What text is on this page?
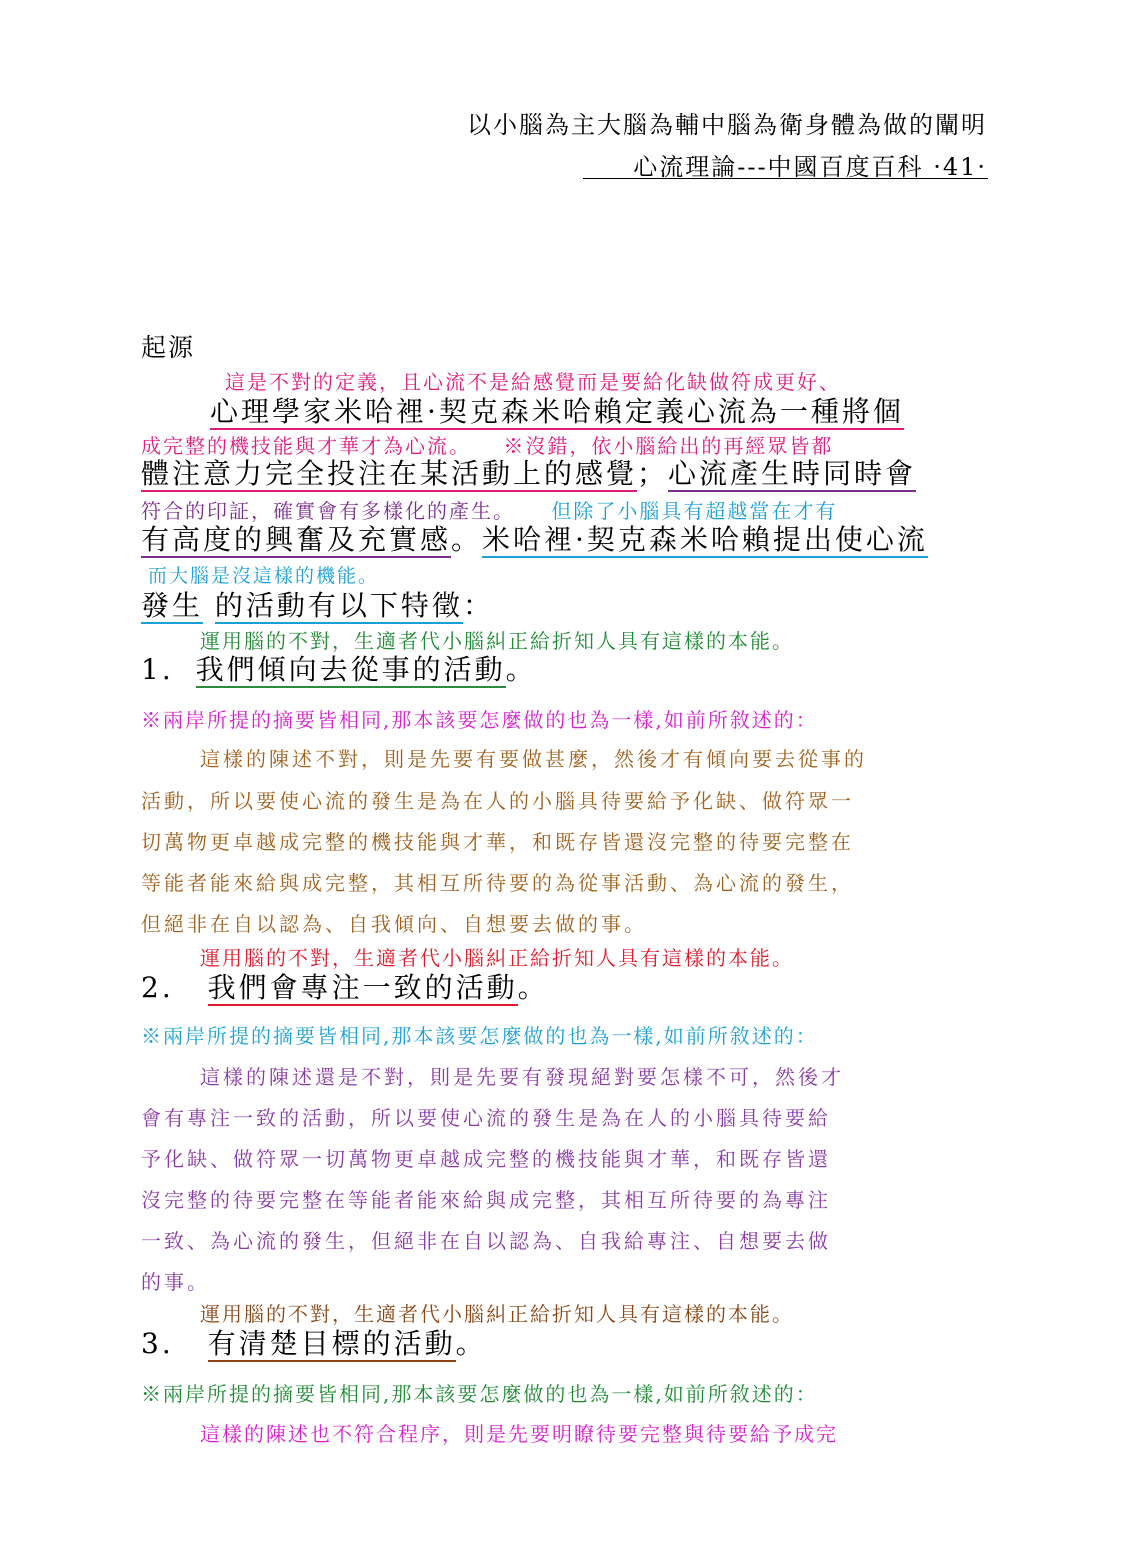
以小腦為主大腦為輔中腦為衛身體為做的闡明
心流理論---中國百度百科 ·41·
起源
這是不對的定義，且心流不是給感覺而是要給化缺做符成更好、
心理學家米哈裡·契克森米哈賴定義心流為一種將個
成完整的機技能與才華才為心流。 ※沒錯，依小腦給出的再經眾皆都
體注意力完全投注在某活動上的感覺；心流產生時同時會
符合的印証，確實會有多樣化的產生。 但除了小腦具有超越當在才有
有高度的興奮及充實感。米哈裡·契克森米哈賴提出使心流
而大腦是沒這樣的機能。
發生 的活動有以下特徵：
運用腦的不對，生適者代小腦糾正給折知人具有這樣的本能。
1. 我們傾向去從事的活動。
※兩岸所提的摘要皆相同,那本該要怎麼做的也為一樣,如前所敘述的：
這樣的陳述不對，則是先要有要做甚麼，然後才有傾向要去從事的
活動，所以要使心流的發生是為在人的小腦具待要給予化缺、做符眾一
切萬物更卓越成完整的機技能與才華，和既存皆還沒完整的待要完整在
等能者能來給與成完整，其相互所待要的為從事活動、為心流的發生，
但絕非在自以認為、自我傾向、自想要去做的事。
運用腦的不對，生適者代小腦糾正給折知人具有這樣的本能。
2. 我們會專注一致的活動。
※兩岸所提的摘要皆相同,那本該要怎麼做的也為一樣,如前所敘述的：
這樣的陳述還是不對，則是先要有發現絕對要怎樣不可，然後才
會有專注一致的活動，所以要使心流的發生是為在人的小腦具待要給
予化缺、做符眾一切萬物更卓越成完整的機技能與才華，和既存皆還
沒完整的待要完整在等能者能來給與成完整，其相互所待要的為專注
一致、為心流的發生，但絕非在自以認為、自我給專注、自想要去做
的事。
運用腦的不對，生適者代小腦糾正給折知人具有這樣的本能。
3. 有清楚目標的活動。
※兩岸所提的摘要皆相同,那本該要怎麼做的也為一樣,如前所敘述的：
這樣的陳述也不符合程序，則是先要明瞭待要完整與待要給予成完
